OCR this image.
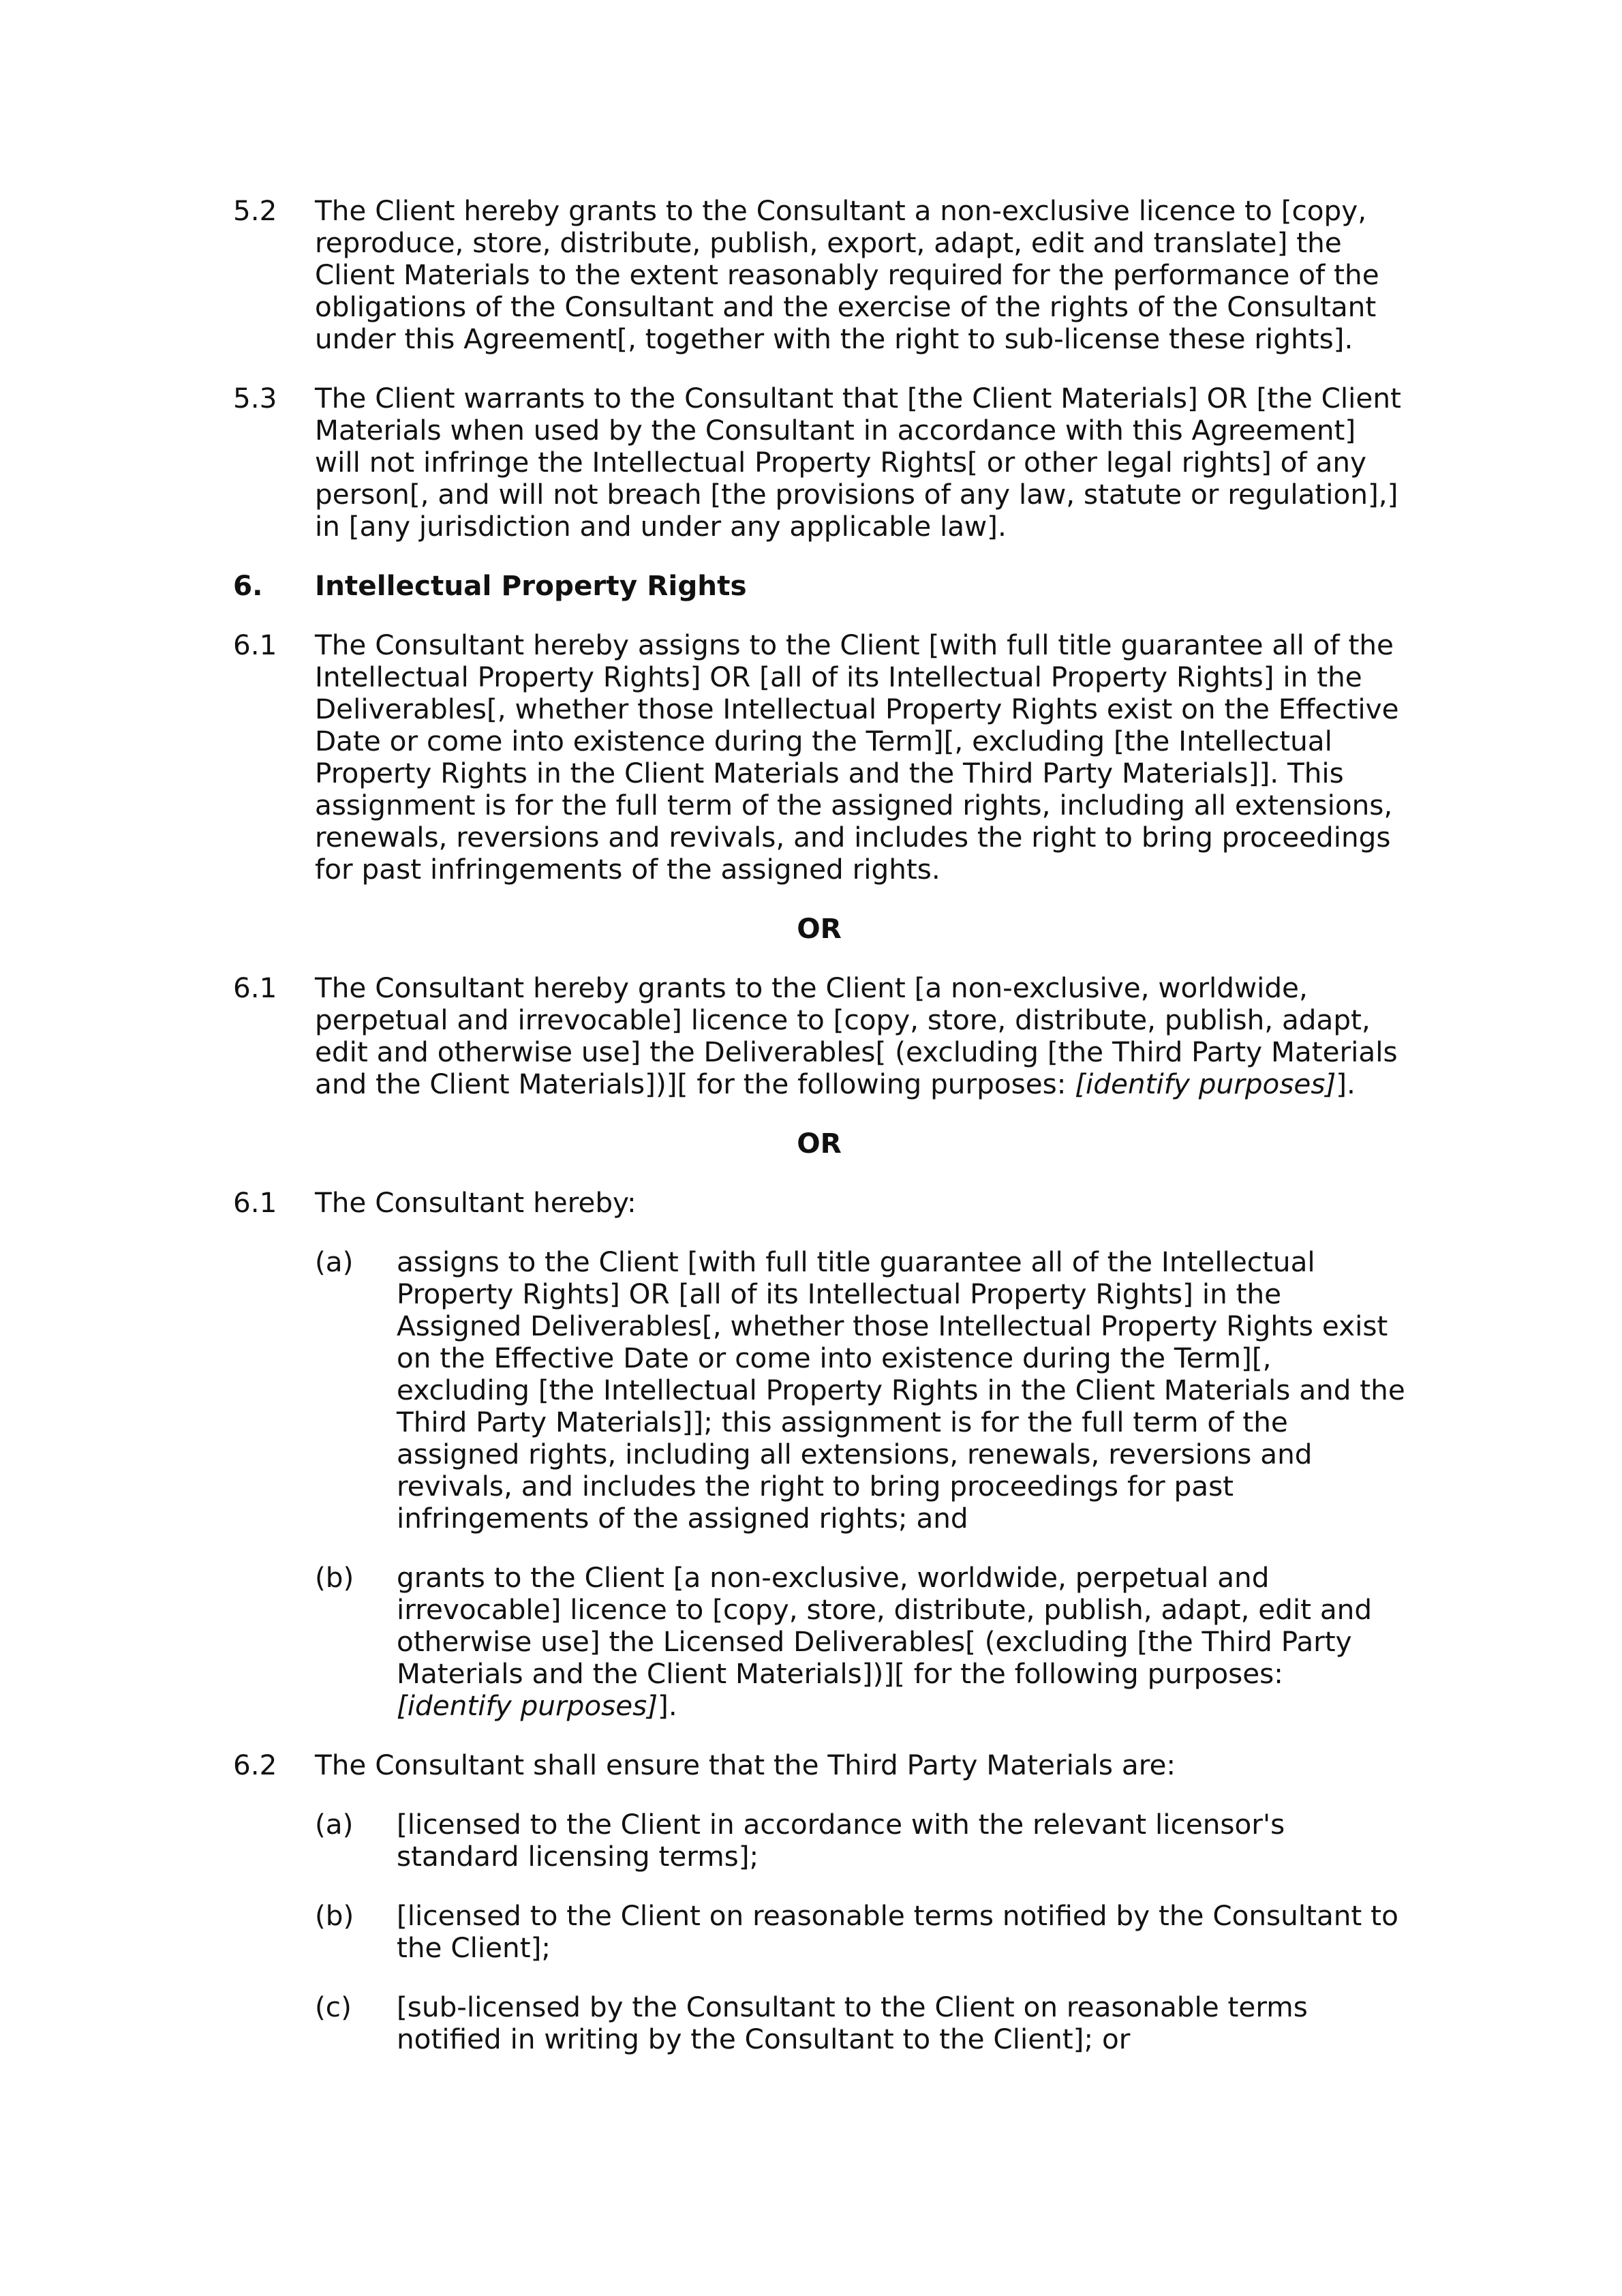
5.2 The Client hereby grants to the Consultant a non-exclusive licence to [copy, reproduce, store, distribute, publish, export, adapt, edit and translate] the Client Materials to the extent reasonably required for the performance of the obligations of the Consultant and the exercise of the rights of the Consultant under this Agreement[, together with the right to sub-license these rights].
5.3 The Client warrants to the Consultant that [the Client Materials] OR [the Client Materials when used by the Consultant in accordance with this Agreement] will not infringe the Intellectual Property Rights[ or other legal rights] of any person[, and will not breach [the provisions of any law, statute or regulation],] in [any jurisdiction and under any applicable law].
6. Intellectual Property Rights
6.1 The Consultant hereby assigns to the Client [with full title guarantee all of the Intellectual Property Rights] OR [all of its Intellectual Property Rights] in the Deliverables[, whether those Intellectual Property Rights exist on the Effective Date or come into existence during the Term][, excluding [the Intellectual Property Rights in the Client Materials and the Third Party Materials]]. This assignment is for the full term of the assigned rights, including all extensions, renewals, reversions and revivals, and includes the right to bring proceedings for past infringements of the assigned rights.
OR
6.1 The Consultant hereby grants to the Client [a non-exclusive, worldwide, perpetual and irrevocable] licence to [copy, store, distribute, publish, adapt, edit and otherwise use] the Deliverables[ (excluding [the Third Party Materials and the Client Materials])][ for the following purposes: [identify purposes]].
OR
6.1 The Consultant hereby:
(a) assigns to the Client [with full title guarantee all of the Intellectual Property Rights] OR [all of its Intellectual Property Rights] in the Assigned Deliverables[, whether those Intellectual Property Rights exist on the Effective Date or come into existence during the Term][, excluding [the Intellectual Property Rights in the Client Materials and the Third Party Materials]]; this assignment is for the full term of the assigned rights, including all extensions, renewals, reversions and revivals, and includes the right to bring proceedings for past infringements of the assigned rights; and
(b) grants to the Client [a non-exclusive, worldwide, perpetual and irrevocable] licence to [copy, store, distribute, publish, adapt, edit and otherwise use] the Licensed Deliverables[ (excluding [the Third Party Materials and the Client Materials])][ for the following purposes: [identify purposes]].
6.2 The Consultant shall ensure that the Third Party Materials are:
(a) [licensed to the Client in accordance with the relevant licensor's standard licensing terms];
(b) [licensed to the Client on reasonable terms notified by the Consultant to the Client];
(c) [sub-licensed by the Consultant to the Client on reasonable terms notified in writing by the Consultant to the Client]; or
